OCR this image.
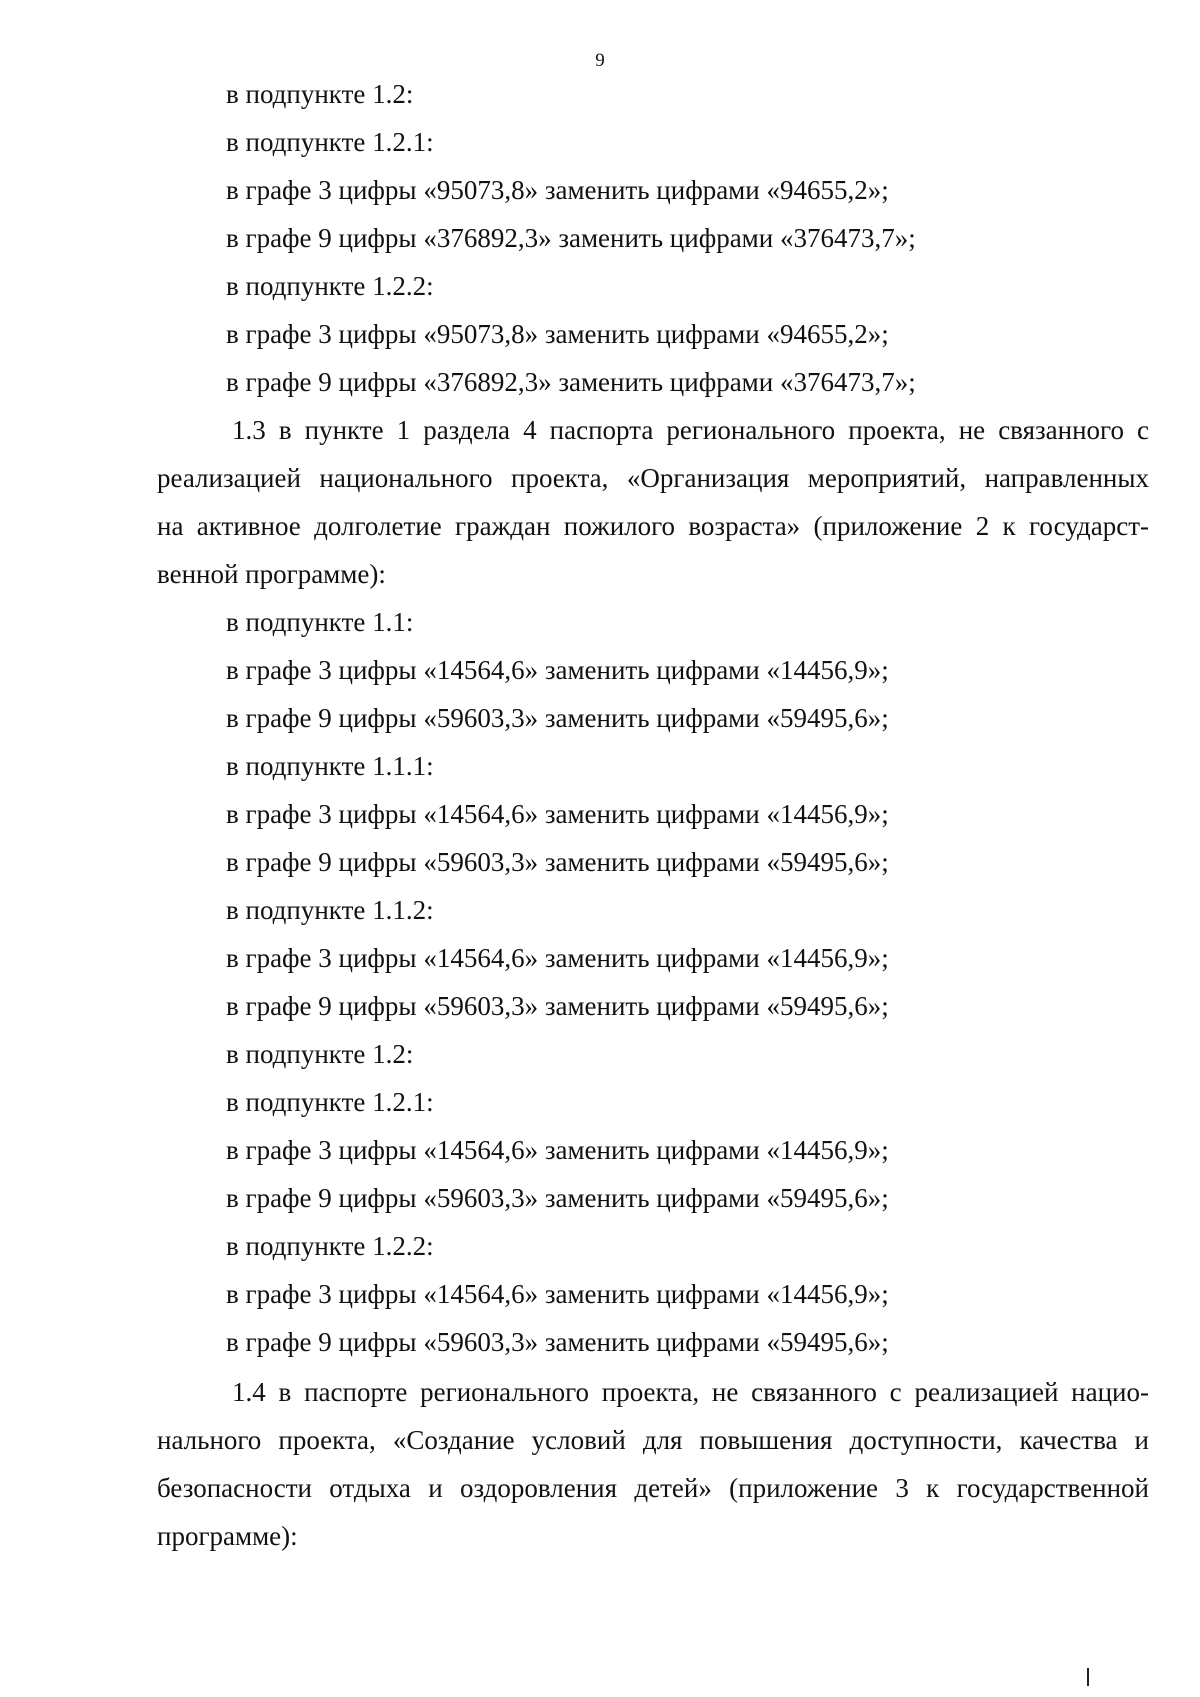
9
в подпункте 1.2:
в подпункте 1.2.1:
в графе 3 цифры «95073,8» заменить цифрами «94655,2»;
в графе 9 цифры «376892,3» заменить цифрами «376473,7»;
в подпункте 1.2.2:
в графе 3 цифры «95073,8» заменить цифрами «94655,2»;
в графе 9 цифры «376892,3» заменить цифрами «376473,7»;
1.3 в пункте 1 раздела 4 паспорта регионального проекта, не связанного с
реализацией национального проекта, «Организация мероприятий, направленных
на активное долголетие граждан пожилого возраста» (приложение 2 к государст-
венной программе):
в подпункте 1.1:
в графе 3 цифры «14564,6» заменить цифрами «14456,9»;
в графе 9 цифры «59603,3» заменить цифрами «59495,6»;
в подпункте 1.1.1:
в графе 3 цифры «14564,6» заменить цифрами «14456,9»;
в графе 9 цифры «59603,3» заменить цифрами «59495,6»;
в подпункте 1.1.2:
в графе 3 цифры «14564,6» заменить цифрами «14456,9»;
в графе 9 цифры «59603,3» заменить цифрами «59495,6»;
в подпункте 1.2:
в подпункте 1.2.1:
в графе 3 цифры «14564,6» заменить цифрами «14456,9»;
в графе 9 цифры «59603,3» заменить цифрами «59495,6»;
в подпункте 1.2.2:
в графе 3 цифры «14564,6» заменить цифрами «14456,9»;
в графе 9 цифры «59603,3» заменить цифрами «59495,6»;
1.4 в паспорте регионального проекта, не связанного с реализацией нацио-
нального проекта, «Создание условий для повышения доступности, качества и
безопасности отдыха и оздоровления детей» (приложение 3 к государственной
программе):
